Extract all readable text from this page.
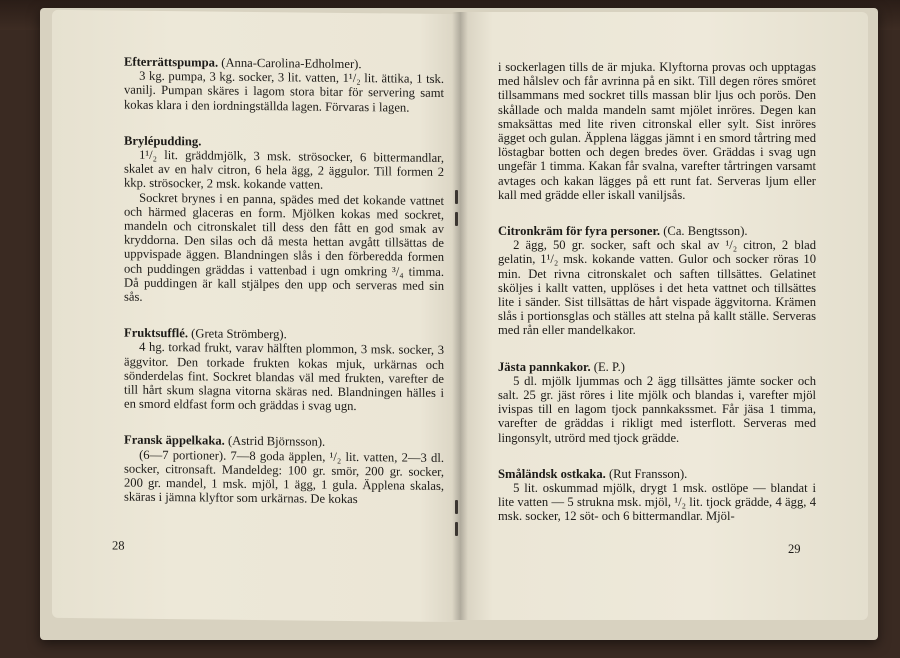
Efterrättspumpa. (Anna-Carolina-Edholmer).

3 kg. pumpa, 3 kg. socker, 3 lit. vatten, 1¹/₂ lit. ättika, 1 tsk. vanilj. Pumpan skäres i lagom stora bitar för servering samt kokas klara i den iordningställda lagen. Förvaras i lagen.

Brylépudding.

1¹/₂ lit. gräddmjölk, 3 msk. strösocker, 6 bittermandlar, skalet av en halv citron, 6 hela ägg, 2 äggulor. Till formen 2 kkp. strösocker, 2 msk. kokande vatten.

Sockret brynes i en panna, spädes med det kokande vattnet och härmed glaceras en form. Mjölken kokas med sockret, mandeln och citronskalet till dess den fått en god smak av kryddorna. Den silas och då mesta hettan avgått tillsättas de uppvispade äggen. Blandningen slås i den förberedda formen och puddingen gräddas i vattenbad i ugn omkring ³/₄ timma. Då puddingen är kall stjälpes den upp och serveras med sin sås.

Fruktsufflé. (Greta Strömberg).

4 hg. torkad frukt, varav hälften plommon, 3 msk. socker, 3 äggvitor. Den torkade frukten kokas mjuk, urkärnas och sönderdelas fint. Sockret blandas väl med frukten, varefter de till hårt skum slagna vitorna skäras ned. Blandningen hälles i en smord eldfast form och gräddas i svag ugn.

Fransk äppelkaka. (Astrid Björnsson).

(6—7 portioner). 7—8 goda äpplen, ¹/₂ lit. vatten, 2—3 dl. socker, citronsaft. Mandeldeg: 100 gr. smör, 200 gr. socker, 200 gr. mandel, 1 msk. mjöl, 1 ägg, 1 gula. Äpplena skalas, skäras i jämna klyftor som urkärnas. De kokas

28

i sockerlagen tills de är mjuka. Klyftorna provas och upptagas med hålslev och får avrinna på en sikt. Till degen röres smöret tillsammans med sockret tills massan blir ljus och porös. Den skållade och malda mandeln samt mjölet inröres. Degen kan smaksättas med lite riven citronskal eller sylt. Sist inröres ägget och gulan. Äpplena läggas jämnt i en smord tårtring med löstagbar botten och degen bredes över. Gräddas i svag ugn ungefär 1 timma. Kakan får svalna, varefter tårtringen varsamt avtages och kakan lägges på ett runt fat. Serveras ljum eller kall med grädde eller iskall vaniljsås.

Citronkräm för fyra personer. (Ca. Bengtsson).

2 ägg, 50 gr. socker, saft och skal av ¹/₂ citron, 2 blad gelatin, 1¹/₂ msk. kokande vatten. Gulor och socker röras 10 min. Det rivna citronskalet och saften tillsättes. Gelatinet sköljes i kallt vatten, upplöses i det heta vattnet och tillsättes lite i sänder. Sist tillsättas de hårt vispade äggvitorna. Krämen slås i portionsglas och ställes att stelna på kallt ställe. Serveras med rån eller mandelkakor.

Jästa pannkakor. (E. P.)

5 dl. mjölk ljummas och 2 ägg tillsättes jämte socker och salt. 25 gr. jäst röres i lite mjölk och blandas i, varefter mjöl ivispas till en lagom tjock pannkakssmet. Får jäsa 1 timma, varefter de gräddas i rikligt med isterflott. Serveras med lingonsylt, utrörd med tjock grädde.

Småländsk ostkaka. (Rut Fransson).

5 lit. oskummad mjölk, drygt 1 msk. ostlöpe — blandat i lite vatten — 5 strukna msk. mjöl, ¹/₂ lit. tjock grädde, 4 ägg, 4 msk. socker, 12 söt- och 6 bittermandlar. Mjöl-

29
